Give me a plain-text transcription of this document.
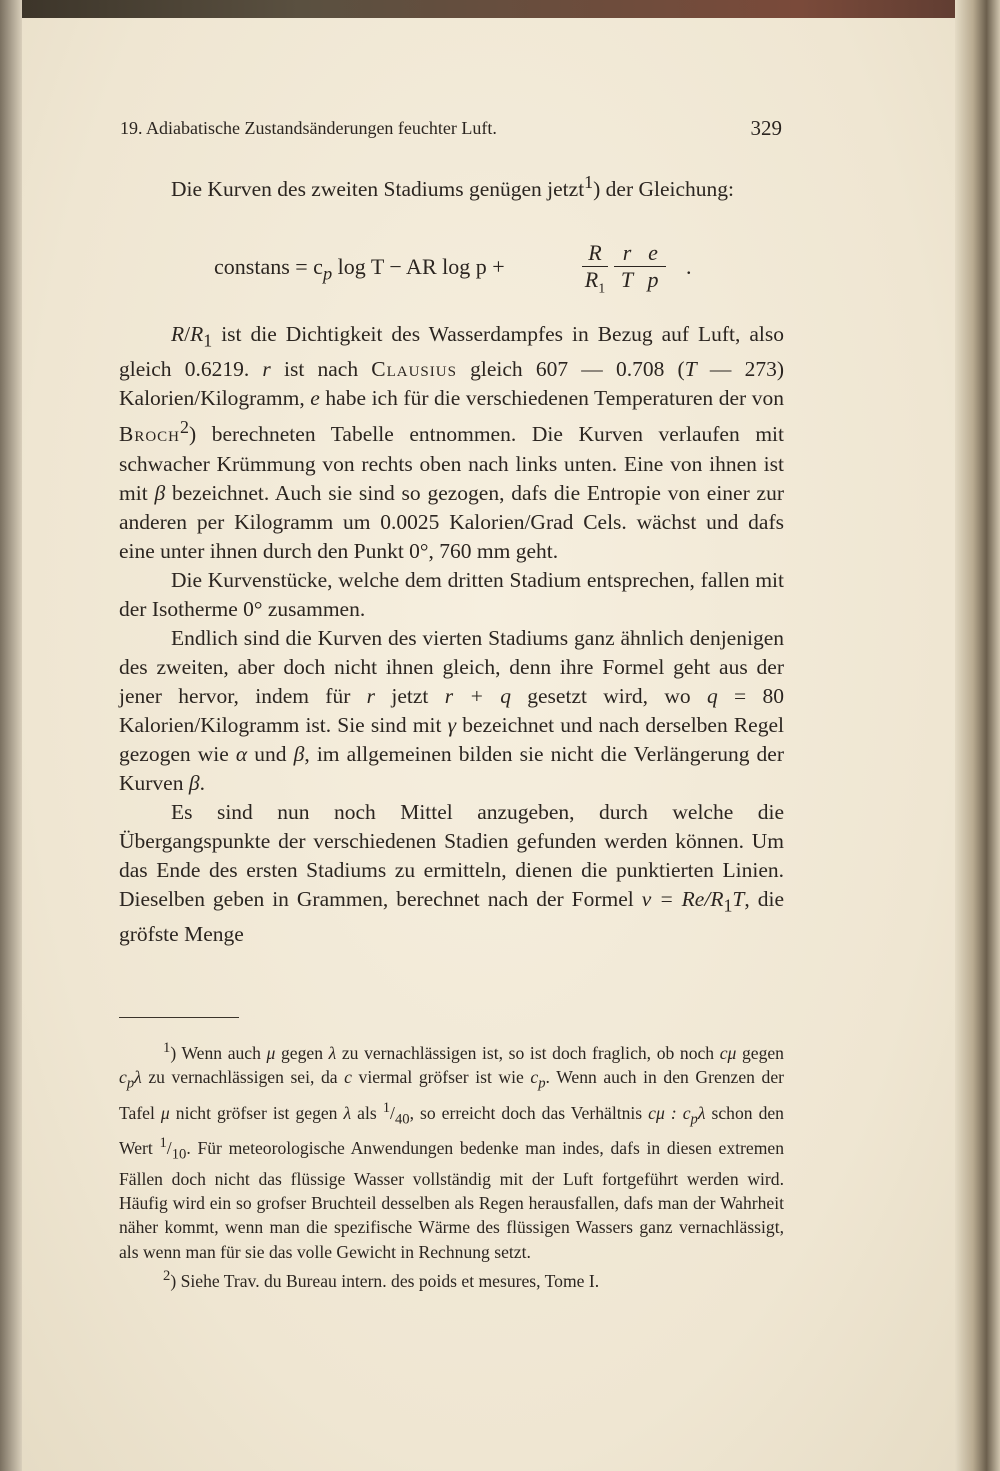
19. Adiabatische Zustandsänderungen feuchter Luft.	329

Die Kurven des zweiten Stadiums genügen jetzt$^1$) der Gleichung:

$R/R_1$ ist die Dichtigkeit des Wasserdampfes in Bezug auf Luft, also gleich 0.6219. r ist nach Clausius gleich 607 — 0.708 (T — 273) Kalorien/Kilogramm, e habe ich für die verschiedenen Temperaturen der von Broch$^2$) berechneten Tabelle entnommen. Die Kurven verlaufen mit schwacher Krümmung von rechts oben nach links unten. Eine von ihnen ist mit β bezeichnet. Auch sie sind so gezogen, dafs die Entropie von einer zur anderen per Kilogramm um 0.0025 Kalorien/Grad Cels. wächst und dafs eine unter ihnen durch den Punkt 0°, 760 mm geht.

Die Kurvenstücke, welche dem dritten Stadium entsprechen, fallen mit der Isotherme 0° zusammen.

Endlich sind die Kurven des vierten Stadiums ganz ähnlich denjenigen des zweiten, aber doch nicht ihnen gleich, denn ihre Formel geht aus der jener hervor, indem für r jetzt r + q gesetzt wird, wo q = 80 Kalorien/Kilogramm ist. Sie sind mit γ bezeichnet und nach derselben Regel gezogen wie α und β, im allgemeinen bilden sie nicht die Verlängerung der Kurven β.

Es sind nun noch Mittel anzugeben, durch welche die Übergangspunkte der verschiedenen Stadien gefunden werden können. Um das Ende des ersten Stadiums zu ermitteln, dienen die punktierten Linien. Dieselben geben in Grammen, berechnet nach der Formel $v = Re/R_1T$, die gröfste Menge

constans = $c_p$ log T − AR log p +
R
$R_1$
r
T
e
p
.

$^1$) Wenn auch μ gegen λ zu vernachlässigen ist, so ist doch fraglich, ob noch cμ gegen $c_p\lambda$ zu vernachlässigen sei, da c viermal gröfser ist wie $c_p$. Wenn auch in den Grenzen der Tafel μ nicht gröfser ist gegen λ als $^1/_{40}$, so erreicht doch das Verhältnis cμ : $c_p\lambda$ schon den Wert $^1/_{10}$. Für meteorologische Anwendungen bedenke man indes, dafs in diesen extremen Fällen doch nicht das flüssige Wasser vollständig mit der Luft fortgeführt werden wird. Häufig wird ein so grofser Bruchteil desselben als Regen herausfallen, dafs man der Wahrheit näher kommt, wenn man die spezifische Wärme des flüssigen Wassers ganz vernachlässigt, als wenn man für sie das volle Gewicht in Rechnung setzt.

$^2$) Siehe Trav. du Bureau intern. des poids et mesures, Tome I.
